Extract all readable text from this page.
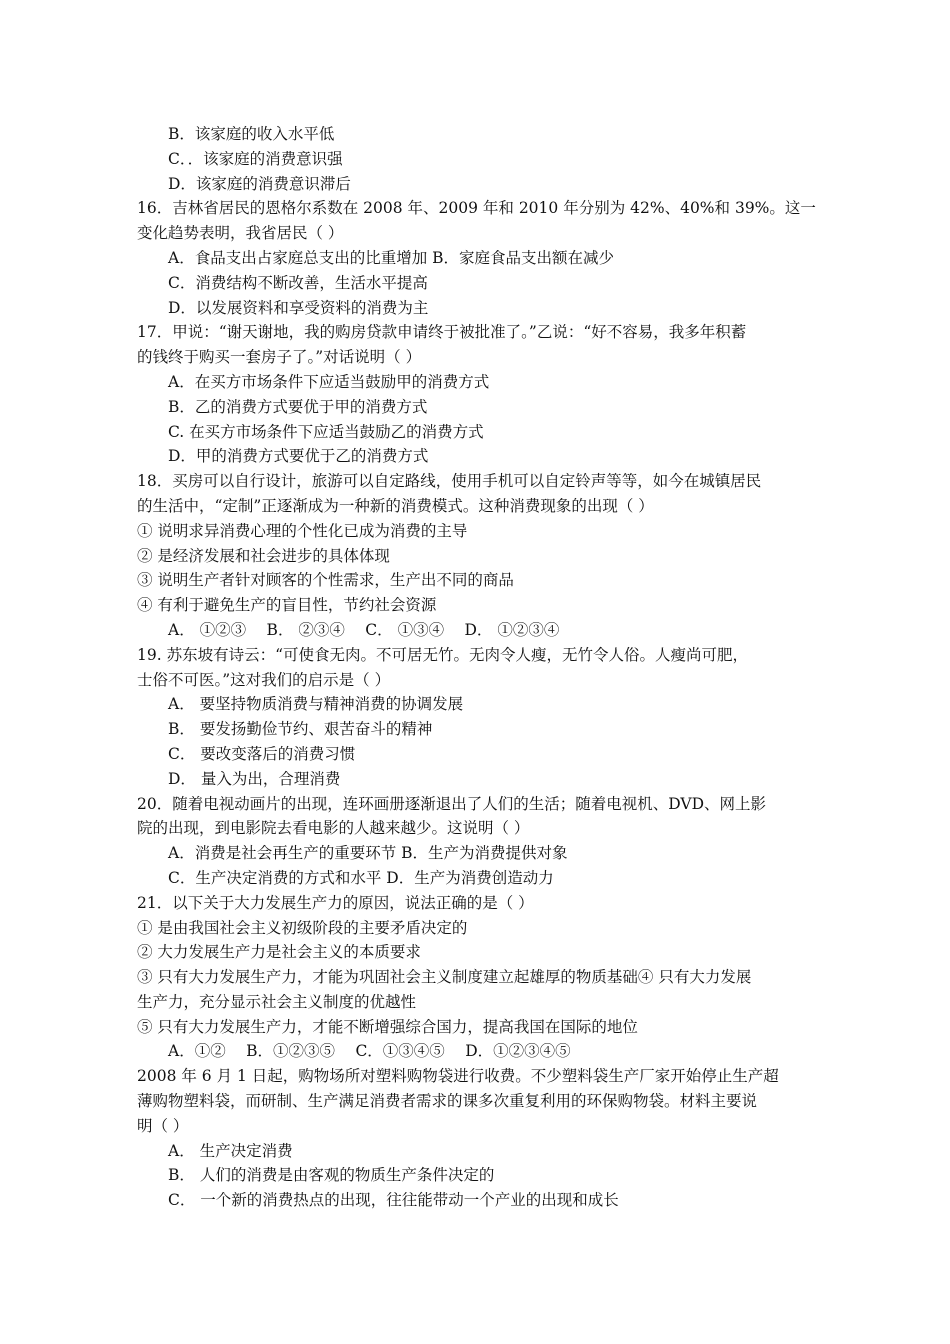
B．该家庭的收入水平低
C．．该家庭的消费意识强
D．该家庭的消费意识滞后
16．吉林省居民的恩格尔系数在 2008 年、2009 年和 2010 年分别为 42%、40%和 39%。这一
变化趋势表明，我省居民（ ）
A．食品支出占家庭总支出的比重增加 B．家庭食品支出额在减少
C．消费结构不断改善，生活水平提高
D．以发展资料和享受资料的消费为主
17．甲说：“谢天谢地，我的购房贷款申请终于被批准了。”乙说：“好不容易，我多年积蓄
的钱终于购买一套房子了。”对话说明（ ）
A．在买方市场条件下应适当鼓励甲的消费方式
B．乙的消费方式要优于甲的消费方式
C. 在买方市场条件下应适当鼓励乙的消费方式
D．甲的消费方式要优于乙的消费方式
18．买房可以自行设计，旅游可以自定路线，使用手机可以自定铃声等等，如今在城镇居民
的生活中，“定制”正逐渐成为一种新的消费模式。这种消费现象的出现（ ）
① 说明求异消费心理的个性化已成为消费的主导
② 是经济发展和社会进步的具体体现
③ 说明生产者针对顾客的个性需求，生产出不同的商品
④ 有利于避免生产的盲目性，节约社会资源
A． ①②③　 B． ②③④　 C． ①③④　 D． ①②③④
19. 苏东坡有诗云：“可使食无肉。不可居无竹。无肉令人瘦，无竹令人俗。人瘦尚可肥，
士俗不可医。”这对我们的启示是（ ）
A． 要坚持物质消费与精神消费的协调发展
B． 要发扬勤俭节约、艰苦奋斗的精神
C． 要改变落后的消费习惯
D． 量入为出，合理消费
20．随着电视动画片的出现，连环画册逐渐退出了人们的生活；随着电视机、DVD、网上影
院的出现，到电影院去看电影的人越来越少。这说明（ ）
A．消费是社会再生产的重要环节 B．生产为消费提供对象
C．生产决定消费的方式和水平 D．生产为消费创造动力
21．以下关于大力发展生产力的原因，说法正确的是（ ）
① 是由我国社会主义初级阶段的主要矛盾决定的
② 大力发展生产力是社会主义的本质要求
③ 只有大力发展生产力，才能为巩固社会主义制度建立起雄厚的物质基础④ 只有大力发展
生产力，充分显示社会主义制度的优越性
⑤ 只有大力发展生产力，才能不断增强综合国力，提高我国在国际的地位
A．①②　 B．①②③⑤　 C．①③④⑤　 D．①②③④⑤
2008 年 6 月 1 日起，购物场所对塑料购物袋进行收费。不少塑料袋生产厂家开始停止生产超
薄购物塑料袋，而研制、生产满足消费者需求的课多次重复利用的环保购物袋。材料主要说
明（ ）
A． 生产决定消费
B． 人们的消费是由客观的物质生产条件决定的
C． 一个新的消费热点的出现，往往能带动一个产业的出现和成长
